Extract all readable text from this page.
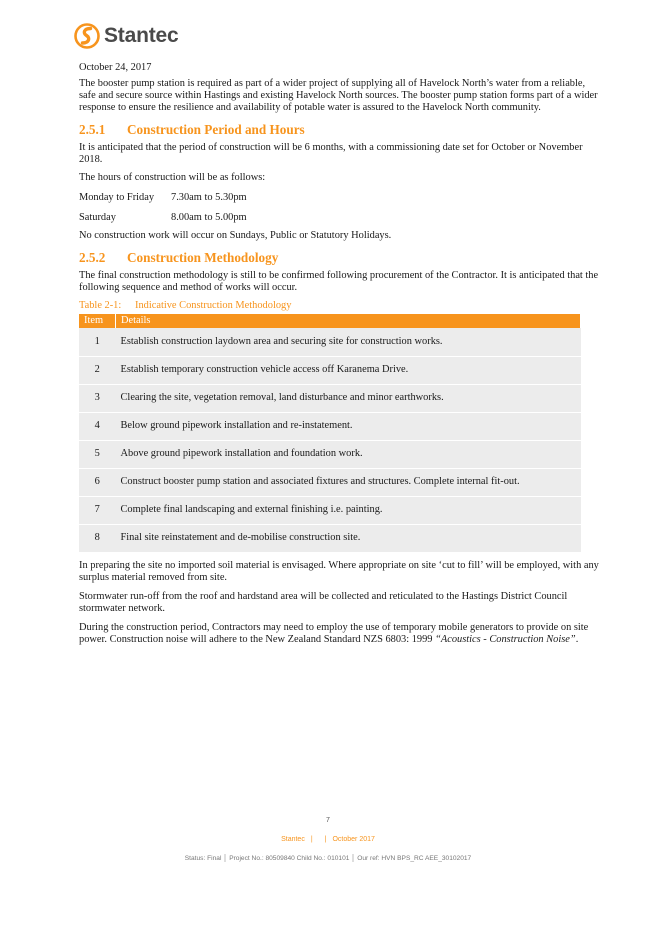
Stantec

October 24, 2017

The booster pump station is required as part of a wider project of supplying all of Havelock North’s water from a reliable, safe and secure source within Hastings and existing Havelock North sources. The booster pump station forms part of a wider response to ensure the resilience and availability of potable water is assured to the Havelock North community.

2.5.1 Construction Period and Hours

It is anticipated that the period of construction will be 6 months, with a commissioning date set for October or November 2018.

The hours of construction will be as follows:

Monday to Friday	7.30am to 5.30pm
Saturday	8.00am to 5.00pm

No construction work will occur on Sundays, Public or Statutory Holidays.

2.5.2 Construction Methodology

The final construction methodology is still to be confirmed following procurement of the Contractor. It is anticipated that the following sequence and method of works will occur.

Table 2-1: Indicative Construction Methodology

Item	Details
1	Establish construction laydown area and securing site for construction works.
2	Establish temporary construction vehicle access off Karanema Drive.
3	Clearing the site, vegetation removal, land disturbance and minor earthworks.
4	Below ground pipework installation and re-instatement.
5	Above ground pipework installation and foundation work.
6	Construct booster pump station and associated fixtures and structures. Complete internal fit-out.
7	Complete final landscaping and external finishing i.e. painting.
8	Final site reinstatement and de-mobilise construction site.

In preparing the site no imported soil material is envisaged. Where appropriate on site ‘cut to fill’ will be employed, with any surplus material removed from site.

Stormwater run-off from the roof and hardstand area will be collected and reticulated to the Hastings District Council stormwater network.

During the construction period, Contractors may need to employ the use of temporary mobile generators to provide on site power. Construction noise will adhere to the New Zealand Standard NZS 6803: 1999 “Acoustics - Construction Noise”.

7
Stantec | | October 2017
Status: Final │ Project No.: 80509840 Child No.: 010101 │ Our ref: HVN BPS_RC AEE_30102017
